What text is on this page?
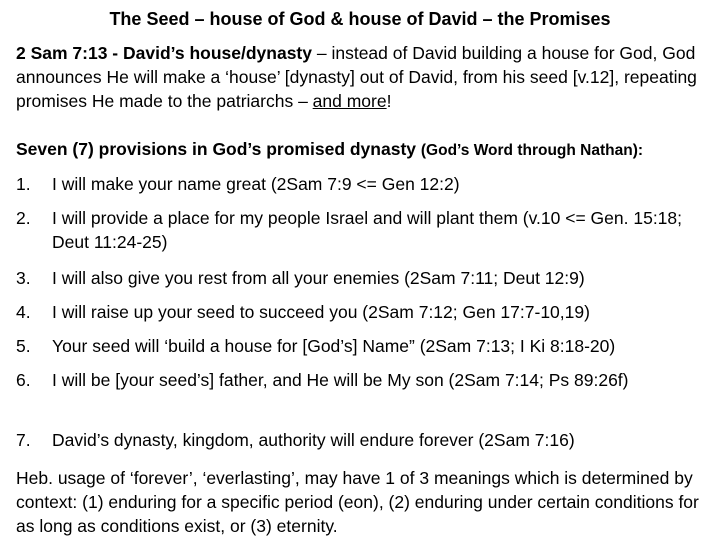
The Seed – house of God & house of David – the Promises
2 Sam 7:13 - David’s house/dynasty – instead of David building a house for God, God announces He will make a ‘house’ [dynasty] out of David, from his seed [v.12], repeating promises He made to the patriarchs – and more!
Seven (7) provisions in God’s promised dynasty (God’s Word through Nathan):
1.	I will make your name great (2Sam 7:9 <= Gen 12:2)
2.	I will provide a place for my people Israel and will plant them (v.10 <= Gen. 15:18; Deut 11:24-25)
3.	I will also give you rest from all your enemies (2Sam 7:11; Deut 12:9)
4.	I will raise up your seed to succeed you (2Sam 7:12; Gen 17:7-10,19)
5.	Your seed will ‘build a house for [God’s] Name” (2Sam 7:13; I Ki 8:18-20)
6.	I will be [your seed’s] father, and He will be My son (2Sam 7:14; Ps 89:26f)
7.	David’s dynasty, kingdom, authority will endure forever (2Sam 7:16)
Heb. usage of ‘forever’, ‘everlasting’, may have 1 of 3 meanings which is determined by context: (1) enduring for a specific period (eon), (2) enduring under certain conditions for as long as conditions exist, or (3) eternity.
